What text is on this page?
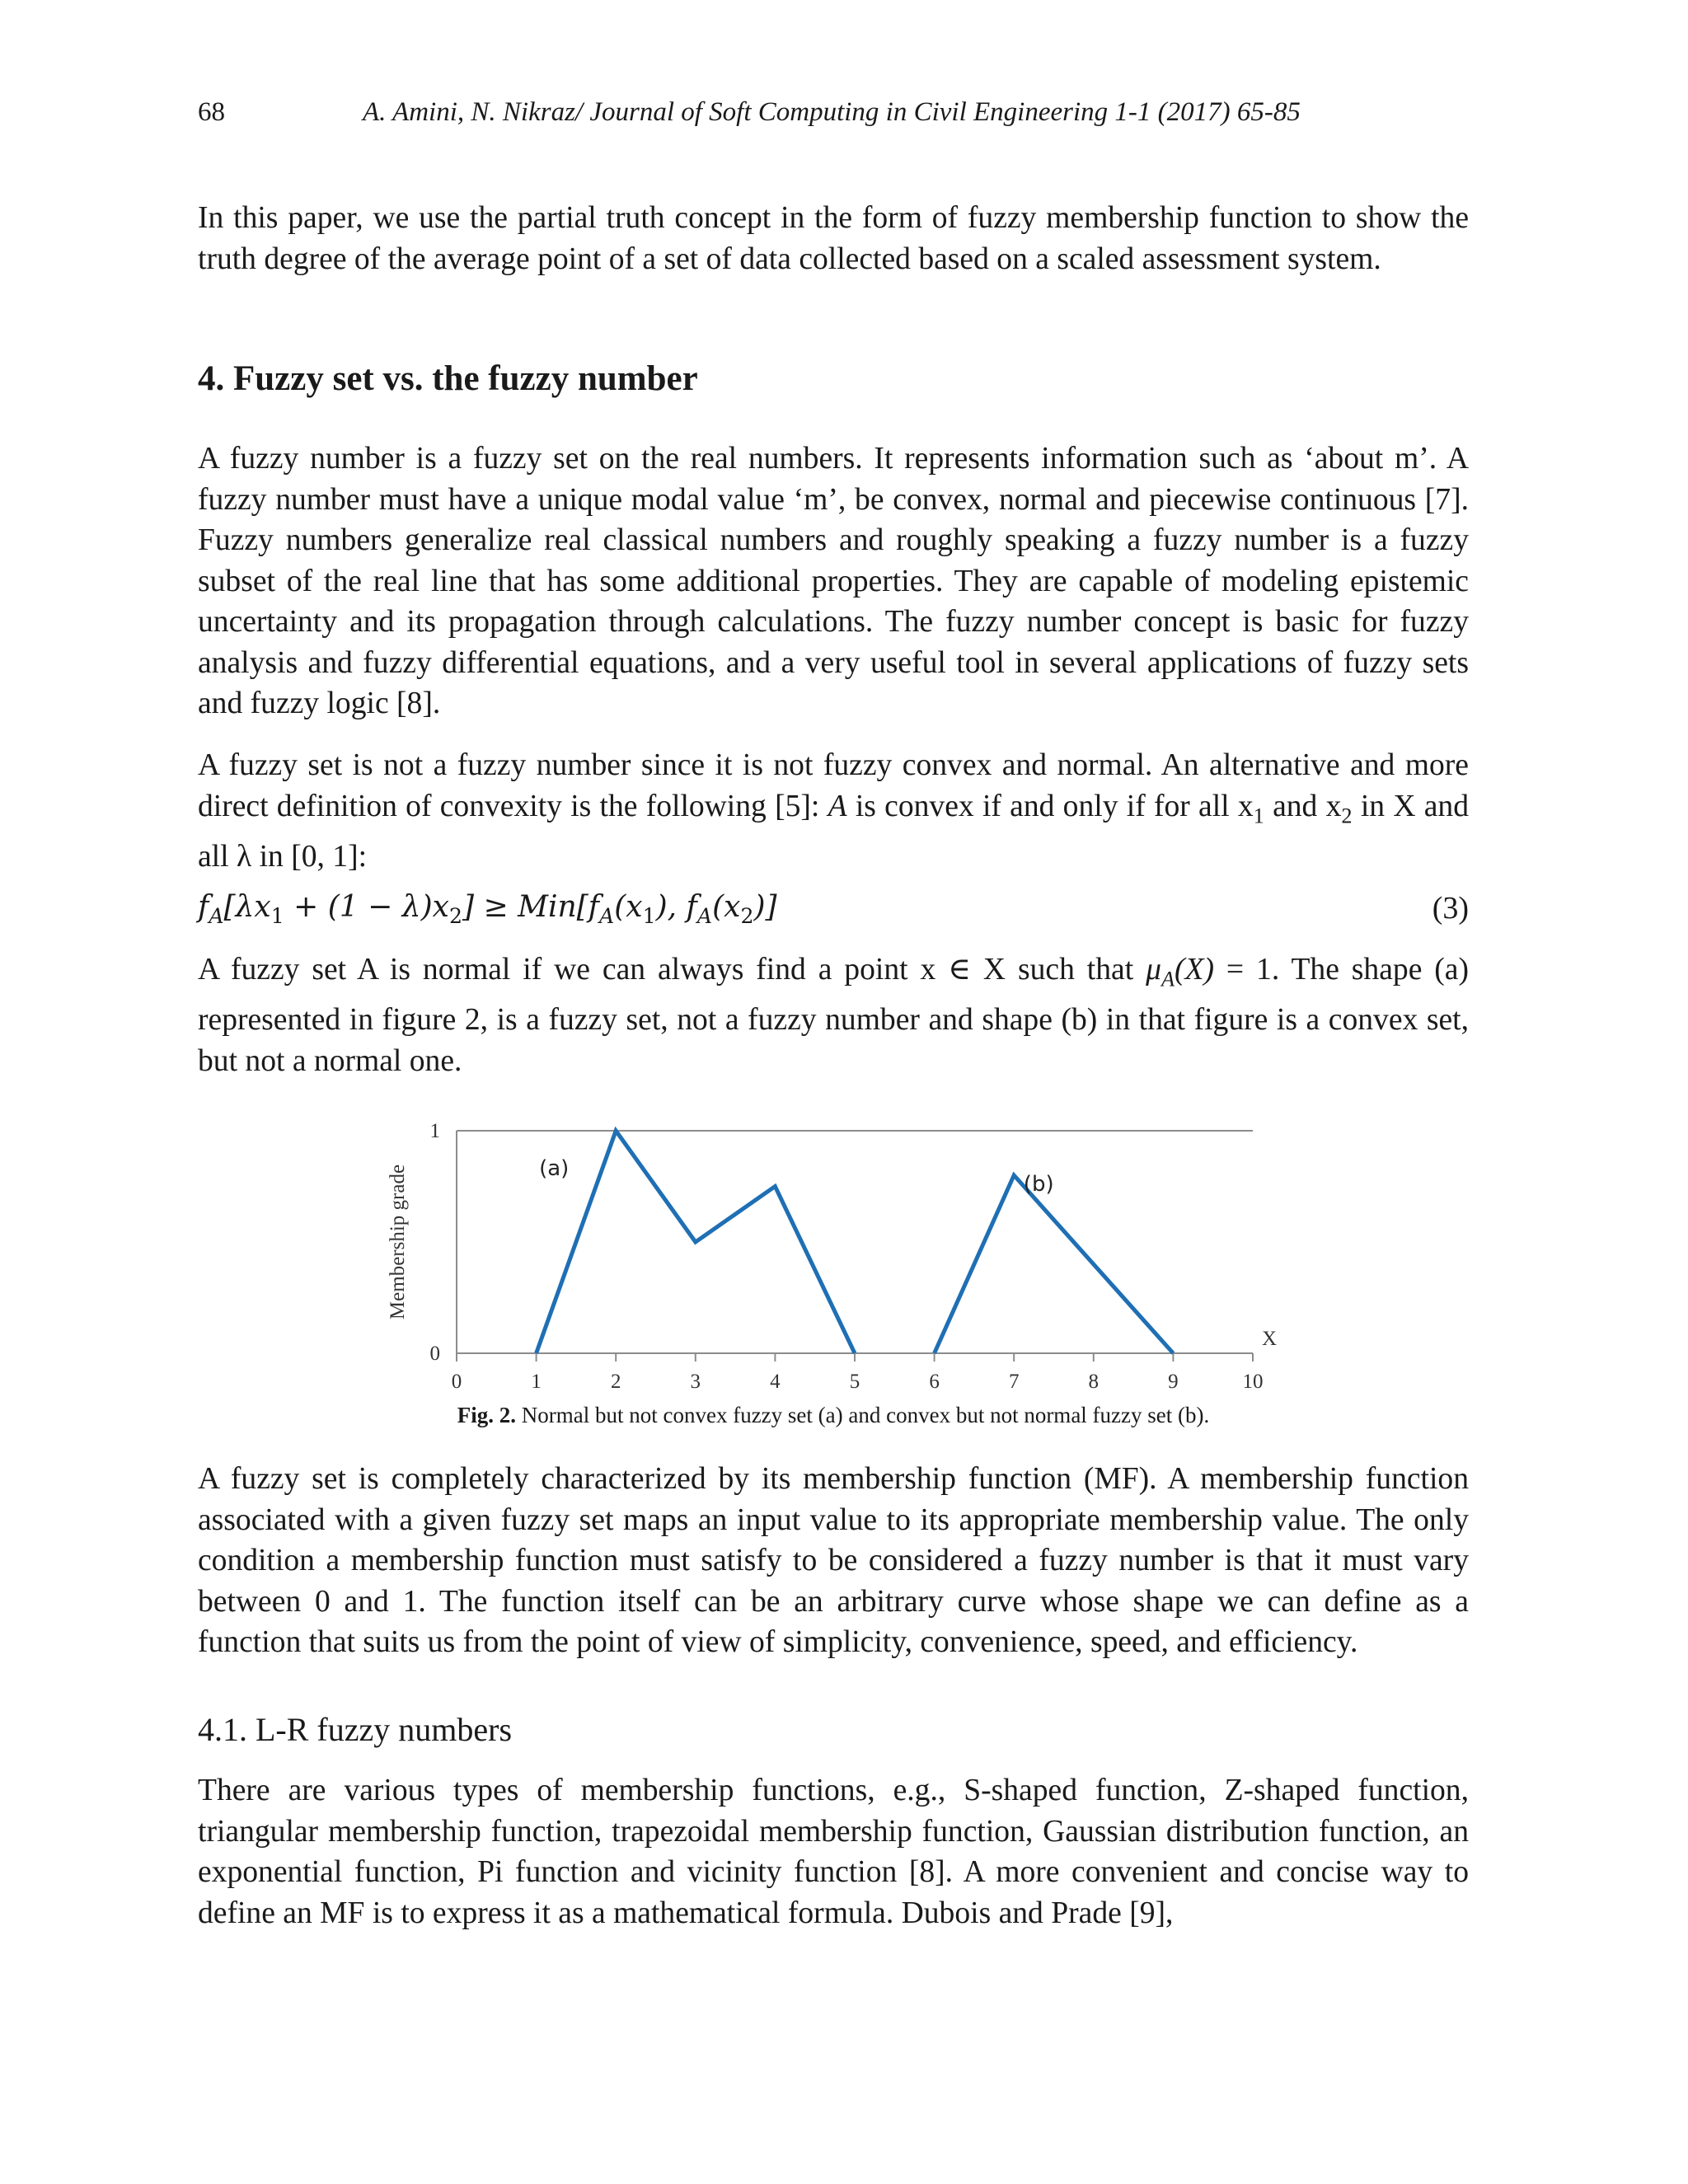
68	A. Amini, N. Nikraz/ Journal of Soft Computing in Civil Engineering 1-1 (2017) 65-85

In this paper, we use the partial truth concept in the form of fuzzy membership function to show the truth degree of the average point of a set of data collected based on a scaled assessment system.

4. Fuzzy set vs. the fuzzy number

A fuzzy number is a fuzzy set on the real numbers. It represents information such as ‘about m’. A fuzzy number must have a unique modal value ‘m’, be convex, normal and piecewise continuous [7]. Fuzzy numbers generalize real classical numbers and roughly speaking a fuzzy number is a fuzzy subset of the real line that has some additional properties. They are capable of modeling epistemic uncertainty and its propagation through calculations. The fuzzy number concept is basic for fuzzy analysis and fuzzy differential equations, and a very useful tool in several applications of fuzzy sets and fuzzy logic [8].

A fuzzy set is not a fuzzy number since it is not fuzzy convex and normal. An alternative and more direct definition of convexity is the following [5]: A is convex if and only if for all $x_1$ and $x_2$ in X and all λ in [0, 1]:

$f_A[\lambda x_1 + (1 - \lambda)x_2] \ge Min[f_A(x_1)$, $f_A(x_2)$]	(3)

A fuzzy set A is normal if we can always find a point x ∈ X such that $\mu_A(X) = 1$. The shape (a) represented in figure 2, is a fuzzy set, not a fuzzy number and shape (b) in that figure is a convex set, but not a normal one.

0	1	2	3	4	5	6	7	8	9	10
0
1
Membership grade
X
(a)
(b)
Fig. 2. Normal but not convex fuzzy set (a) and convex but not normal fuzzy set (b).

A fuzzy set is completely characterized by its membership function (MF). A membership function associated with a given fuzzy set maps an input value to its appropriate membership value. The only condition a membership function must satisfy to be considered a fuzzy number is that it must vary between 0 and 1. The function itself can be an arbitrary curve whose shape we can define as a function that suits us from the point of view of simplicity, convenience, speed, and efficiency.

4.1. L-R fuzzy numbers

There are various types of membership functions, e.g., S-shaped function, Z-shaped function, triangular membership function, trapezoidal membership function, Gaussian distribution function, an exponential function, Pi function and vicinity function [8]. A more convenient and concise way to define an MF is to express it as a mathematical formula. Dubois and Prade [9],
